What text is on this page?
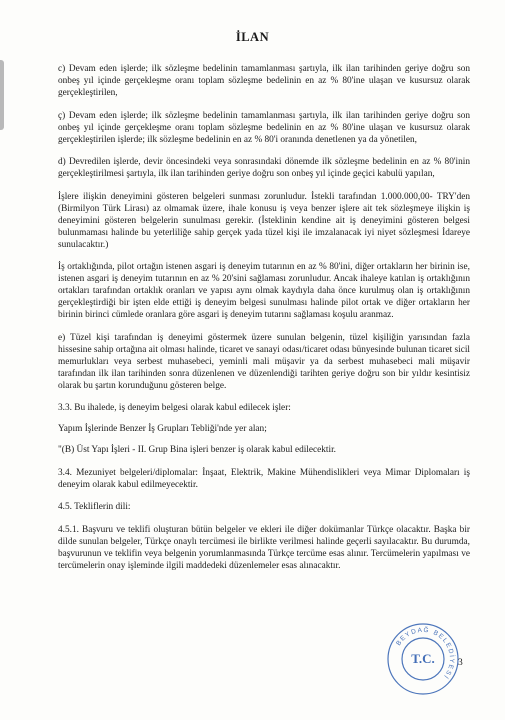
İLAN

c) Devam eden işlerde; ilk sözleşme bedelinin tamamlanması şartıyla, ilk ilan tarihinden geriye doğru son onbeş yıl içinde gerçekleşme oranı toplam sözleşme bedelinin en az % 80'ine ulaşan ve kusursuz olarak gerçekleştirilen,

ç) Devam eden işlerde; ilk sözleşme bedelinin tamamlanması şartıyla, ilk ilan tarihinden geriye doğru son onbeş yıl içinde gerçekleşme oranı toplam sözleşme bedelinin en az % 80'ine ulaşan ve kusursuz olarak gerçekleştirilen işlerde; ilk sözleşme bedelinin en az % 80'i oranında denetlenen ya da yönetilen,

d) Devredilen işlerde, devir öncesindeki veya sonrasındaki dönemde ilk sözleşme bedelinin en az % 80'inin gerçekleştirilmesi şartıyla, ilk ilan tarihinden geriye doğru son onbeş yıl içinde geçici kabulü yapılan,

İşlere ilişkin deneyimini gösteren belgeleri sunması zorunludur. İstekli tarafından 1.000.000,00- TRY'den (Birmilyon Türk Lirası) az olmamak üzere, ihale konusu iş veya benzer işlere ait tek sözleşmeye ilişkin iş deneyimini gösteren belgelerin sunulması gerekir. (İsteklinin kendine ait iş deneyimini gösteren belgesi bulunmaması halinde bu yeterliliğe sahip gerçek yada tüzel kişi ile imzalanacak iyi niyet sözleşmesi İdareye sunulacaktır.)

İş ortaklığında, pilot ortağın istenen asgari iş deneyim tutarının en az % 80'ini, diğer ortakların her birinin ise, istenen asgari iş deneyim tutarının en az % 20'sini sağlaması zorunludur. Ancak ihaleye katılan iş ortaklığının ortakları tarafından ortaklık oranları ve yapısı aynı olmak kaydıyla daha önce kurulmuş olan iş ortaklığının gerçekleştirdiği bir işten elde ettiği iş deneyim belgesi sunulması halinde pilot ortak ve diğer ortakların her birinin birinci cümlede oranlara göre asgari iş deneyim tutarını sağlaması koşulu aranmaz.

e) Tüzel kişi tarafından iş deneyimi göstermek üzere sunulan belgenin, tüzel kişiliğin yarısından fazla hissesine sahip ortağına ait olması halinde, ticaret ve sanayi odası/ticaret odası bünyesinde bulunan ticaret sicil memurlukları veya serbest muhasebeci, yeminli mali müşavir ya da serbest muhasebeci mali müşavir tarafından ilk ilan tarihinden sonra düzenlenen ve düzenlendiği tarihten geriye doğru son bir yıldır kesintisiz olarak bu şartın korunduğunu gösteren belge.

3.3. Bu ihalede, iş deneyim belgesi olarak kabul edilecek işler:

Yapım İşlerinde Benzer İş Grupları Tebliği'nde yer alan;

"(B) Üst Yapı İşleri - II. Grup Bina işleri benzer iş olarak kabul edilecektir.

3.4. Mezuniyet belgeleri/diplomalar: İnşaat, Elektrik, Makine Mühendislikleri veya Mimar Diplomaları iş deneyim olarak kabul edilmeyecektir.

4.5. Tekliflerin dili:

4.5.1. Başvuru ve teklifi oluşturan bütün belgeler ve ekleri ile diğer dokümanlar Türkçe olacaktır. Başka bir dilde sunulan belgeler, Türkçe onaylı tercümesi ile birlikte verilmesi halinde geçerli sayılacaktır. Bu durumda, başvurunun ve teklifin veya belgenin yorumlanmasında Türkçe tercüme esas alınır. Tercümelerin yapılması ve tercümelerin onay işleminde ilgili maddedeki düzenlemeler esas alınacaktır.

BEYDAĞ BELEDİYESİ
T.C. 3
